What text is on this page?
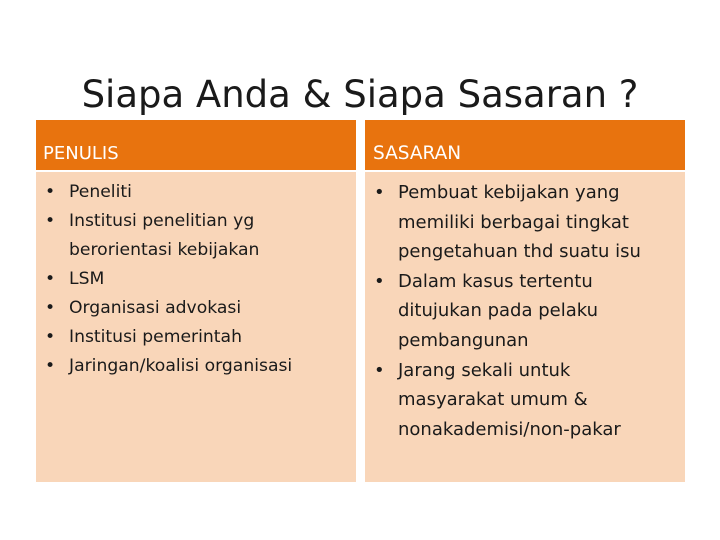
Siapa Anda & Siapa Sasaran ?
PENULIS
• Peneliti
• Institusi penelitian yg berorientasi kebijakan
• LSM
• Organisasi advokasi
• Institusi pemerintah
• Jaringan/koalisi organisasi
SASARAN
• Pembuat kebijakan yang memiliki berbagai tingkat pengetahuan thd suatu isu
• Dalam kasus tertentu ditujukan pada pelaku pembangunan
• Jarang sekali untuk masyarakat umum & nonakademisi/non-pakar
